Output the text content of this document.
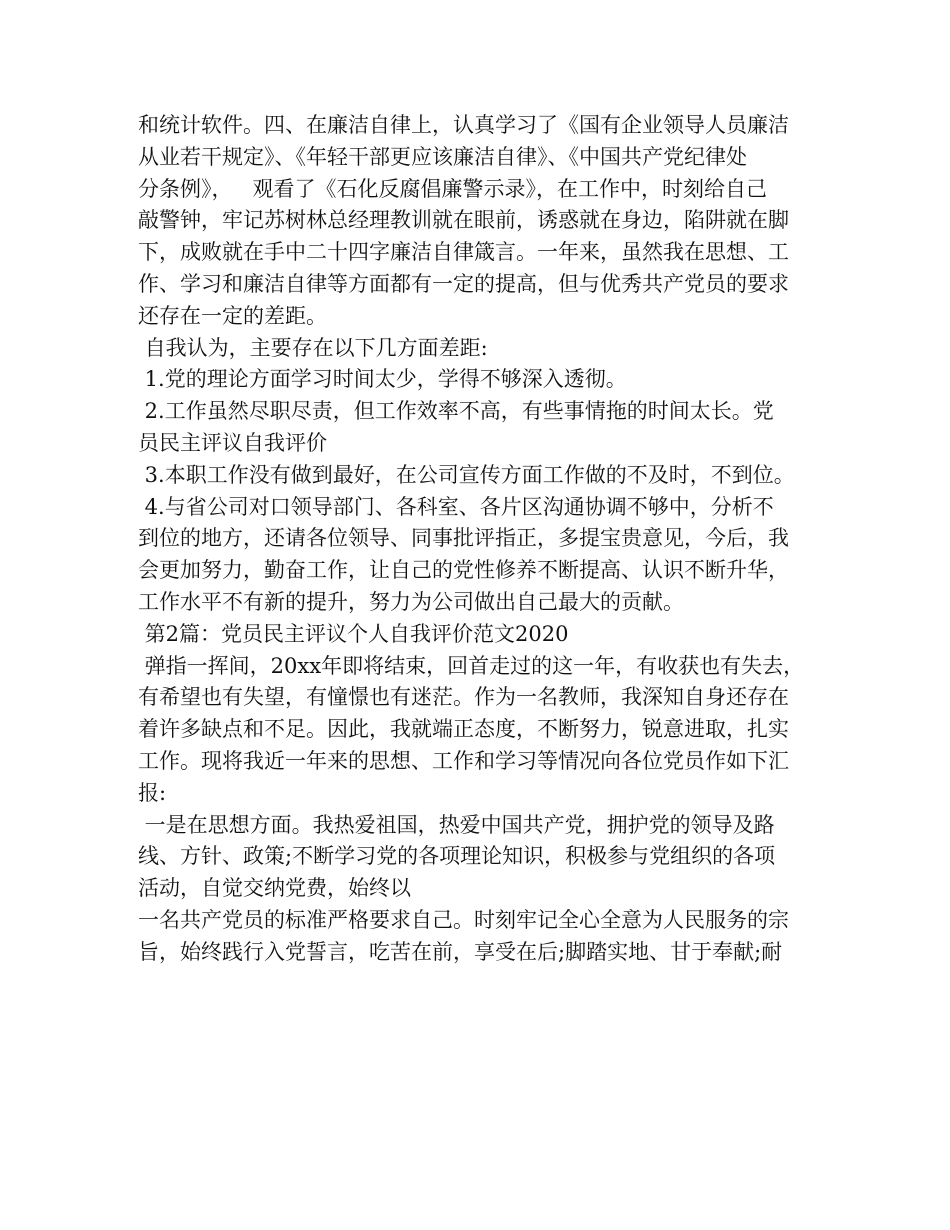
和统计软件。四、在廉洁自律上，认真学习了《国有企业领导人员廉洁
从业若干规定》、《年轻干部更应该廉洁自律》、《中国共产党纪律处
分条例》，   观看了《石化反腐倡廉警示录》，在工作中，时刻给自己
敲警钟，牢记苏树林总经理教训就在眼前，诱惑就在身边，陷阱就在脚
下，成败就在手中二十四字廉洁自律箴言。一年来，虽然我在思想、工
作、学习和廉洁自律等方面都有一定的提高，但与优秀共产党员的要求
还存在一定的差距。
自我认为，主要存在以下几方面差距:
1.党的理论方面学习时间太少，学得不够深入透彻。
2.工作虽然尽职尽责，但工作效率不高，有些事情拖的时间太长。党
员民主评议自我评价
3.本职工作没有做到最好，在公司宣传方面工作做的不及时，不到位。
4.与省公司对口领导部门、各科室、各片区沟通协调不够中，分析不
到位的地方，还请各位领导、同事批评指正，多提宝贵意见，今后，我
会更加努力，勤奋工作，让自己的党性修养不断提高、认识不断升华，
工作水平不有新的提升，努力为公司做出自己最大的贡献。
第2篇：党员民主评议个人自我评价范文2020
弹指一挥间，20xx年即将结束，回首走过的这一年，有收获也有失去，
有希望也有失望，有憧憬也有迷茫。作为一名教师，我深知自身还存在
着许多缺点和不足。因此，我就端正态度，不断努力，锐意进取，扎实
工作。现将我近一年来的思想、工作和学习等情况向各位党员作如下汇
报:
一是在思想方面。我热爱祖国，热爱中国共产党，拥护党的领导及路
线、方针、政策;不断学习党的各项理论知识，积极参与党组织的各项
活动，自觉交纳党费，始终以
一名共产党员的标准严格要求自己。时刻牢记全心全意为人民服务的宗
旨，始终践行入党誓言，吃苦在前，享受在后;脚踏实地、甘于奉献;耐
